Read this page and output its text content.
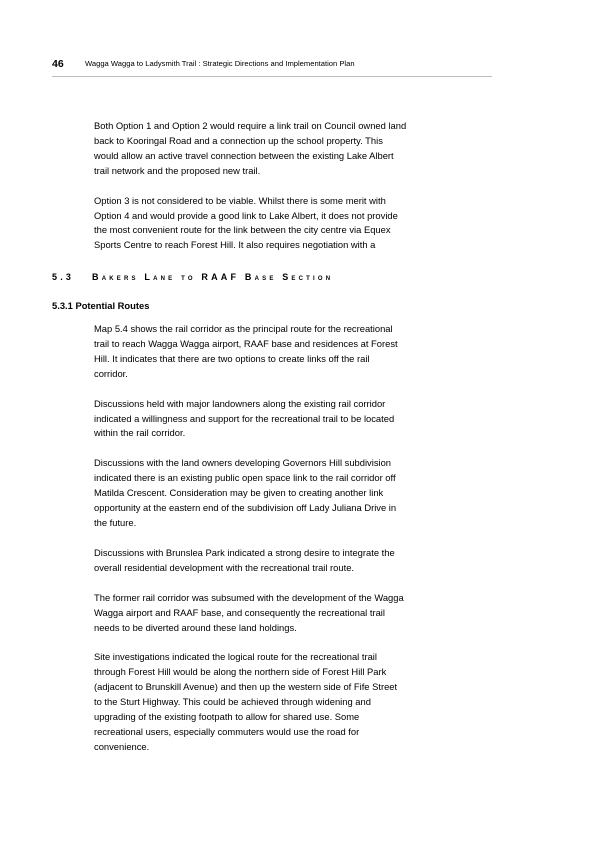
46	Wagga Wagga to Ladysmith Trail : Strategic Directions and Implementation Plan

Both Option 1 and Option 2 would require a link trail on Council owned land
back to Kooringal Road and a connection up the school property. This
would allow an active travel connection between the existing Lake Albert
trail network and the proposed new trail.

Option 3 is not considered to be viable. Whilst there is some merit with
Option 4 and would provide a good link to Lake Albert, it does not provide
the most convenient route for the link between the city centre via Equex
Sports Centre to reach Forest Hill. It also requires negotiation with a

5.3 Bakers Lane to RAAF Base Section
5.3.1 Potential Routes

Map 5.4 shows the rail corridor as the principal route for the recreational
trail to reach Wagga Wagga airport, RAAF base and residences at Forest
Hill. It indicates that there are two options to create links off the rail
corridor.

Discussions held with major landowners along the existing rail corridor
indicated a willingness and support for the recreational trail to be located
within the rail corridor.

Discussions with the land owners developing Governors Hill subdivision
indicated there is an existing public open space link to the rail corridor off
Matilda Crescent. Consideration may be given to creating another link
opportunity at the eastern end of the subdivision off Lady Juliana Drive in
the future.

Discussions with Brunslea Park indicated a strong desire to integrate the
overall residential development with the recreational trail route.

The former rail corridor was subsumed with the development of the Wagga
Wagga airport and RAAF base, and consequently the recreational trail
needs to be diverted around these land holdings.

Site investigations indicated the logical route for the recreational trail
through Forest Hill would be along the northern side of Forest Hill Park
(adjacent to Brunskill Avenue) and then up the western side of Fife Street
to the Sturt Highway. This could be achieved through widening and
upgrading of the existing footpath to allow for shared use. Some
recreational users, especially commuters would use the road for
convenience.
